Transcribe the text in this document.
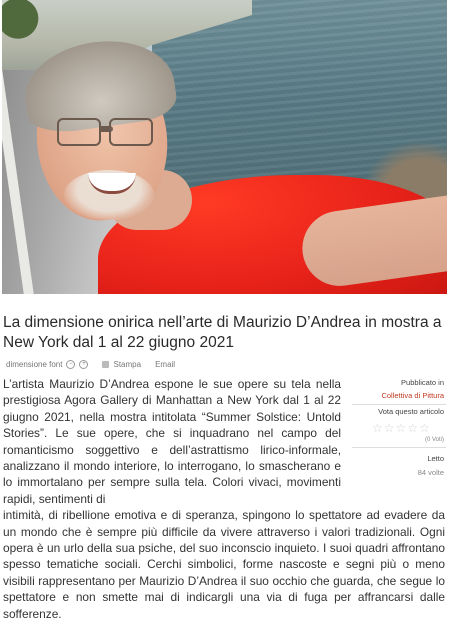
La dimensione onirica nell’arte di Maurizio D’Andrea in mostra a New York dal 1 al 22 giugno 2021
dimensione font	−	+	Stampa Email
Pubblicato in
Collettiva di Pittura
Vota questo articolo
☆☆☆☆☆
(0 Voti)
Letto
84 volte

L’artista Maurizio D’Andrea espone le sue opere su tela nella prestigiosa Agora Gallery di Manhattan a New York dal 1 al 22 giugno 2021, nella mostra intitolata “Summer Solstice: Untold Stories”. Le sue opere, che si inquadrano nel campo del romanticismo soggettivo e dell’astrattismo lirico-informale, analizzano il mondo interiore, lo interrogano, lo smascherano e lo immortalano per sempre sulla tela. Colori vivaci, movimenti rapidi, sentimenti di

intimità, di ribellione emotiva e di speranza, spingono lo spettatore ad evadere da un mondo che è sempre più difficile da vivere attraverso i valori tradizionali. Ogni opera è un urlo della sua psiche, del suo inconscio inquieto. I suoi quadri affrontano spesso tematiche sociali. Cerchi simbolici, forme nascoste e segni più o meno visibili rappresentano per Maurizio D’Andrea il suo occhio che guarda, che segue lo spettatore e non smette mai di indicargli una via di fuga per affrancarsi dalle sofferenze.
